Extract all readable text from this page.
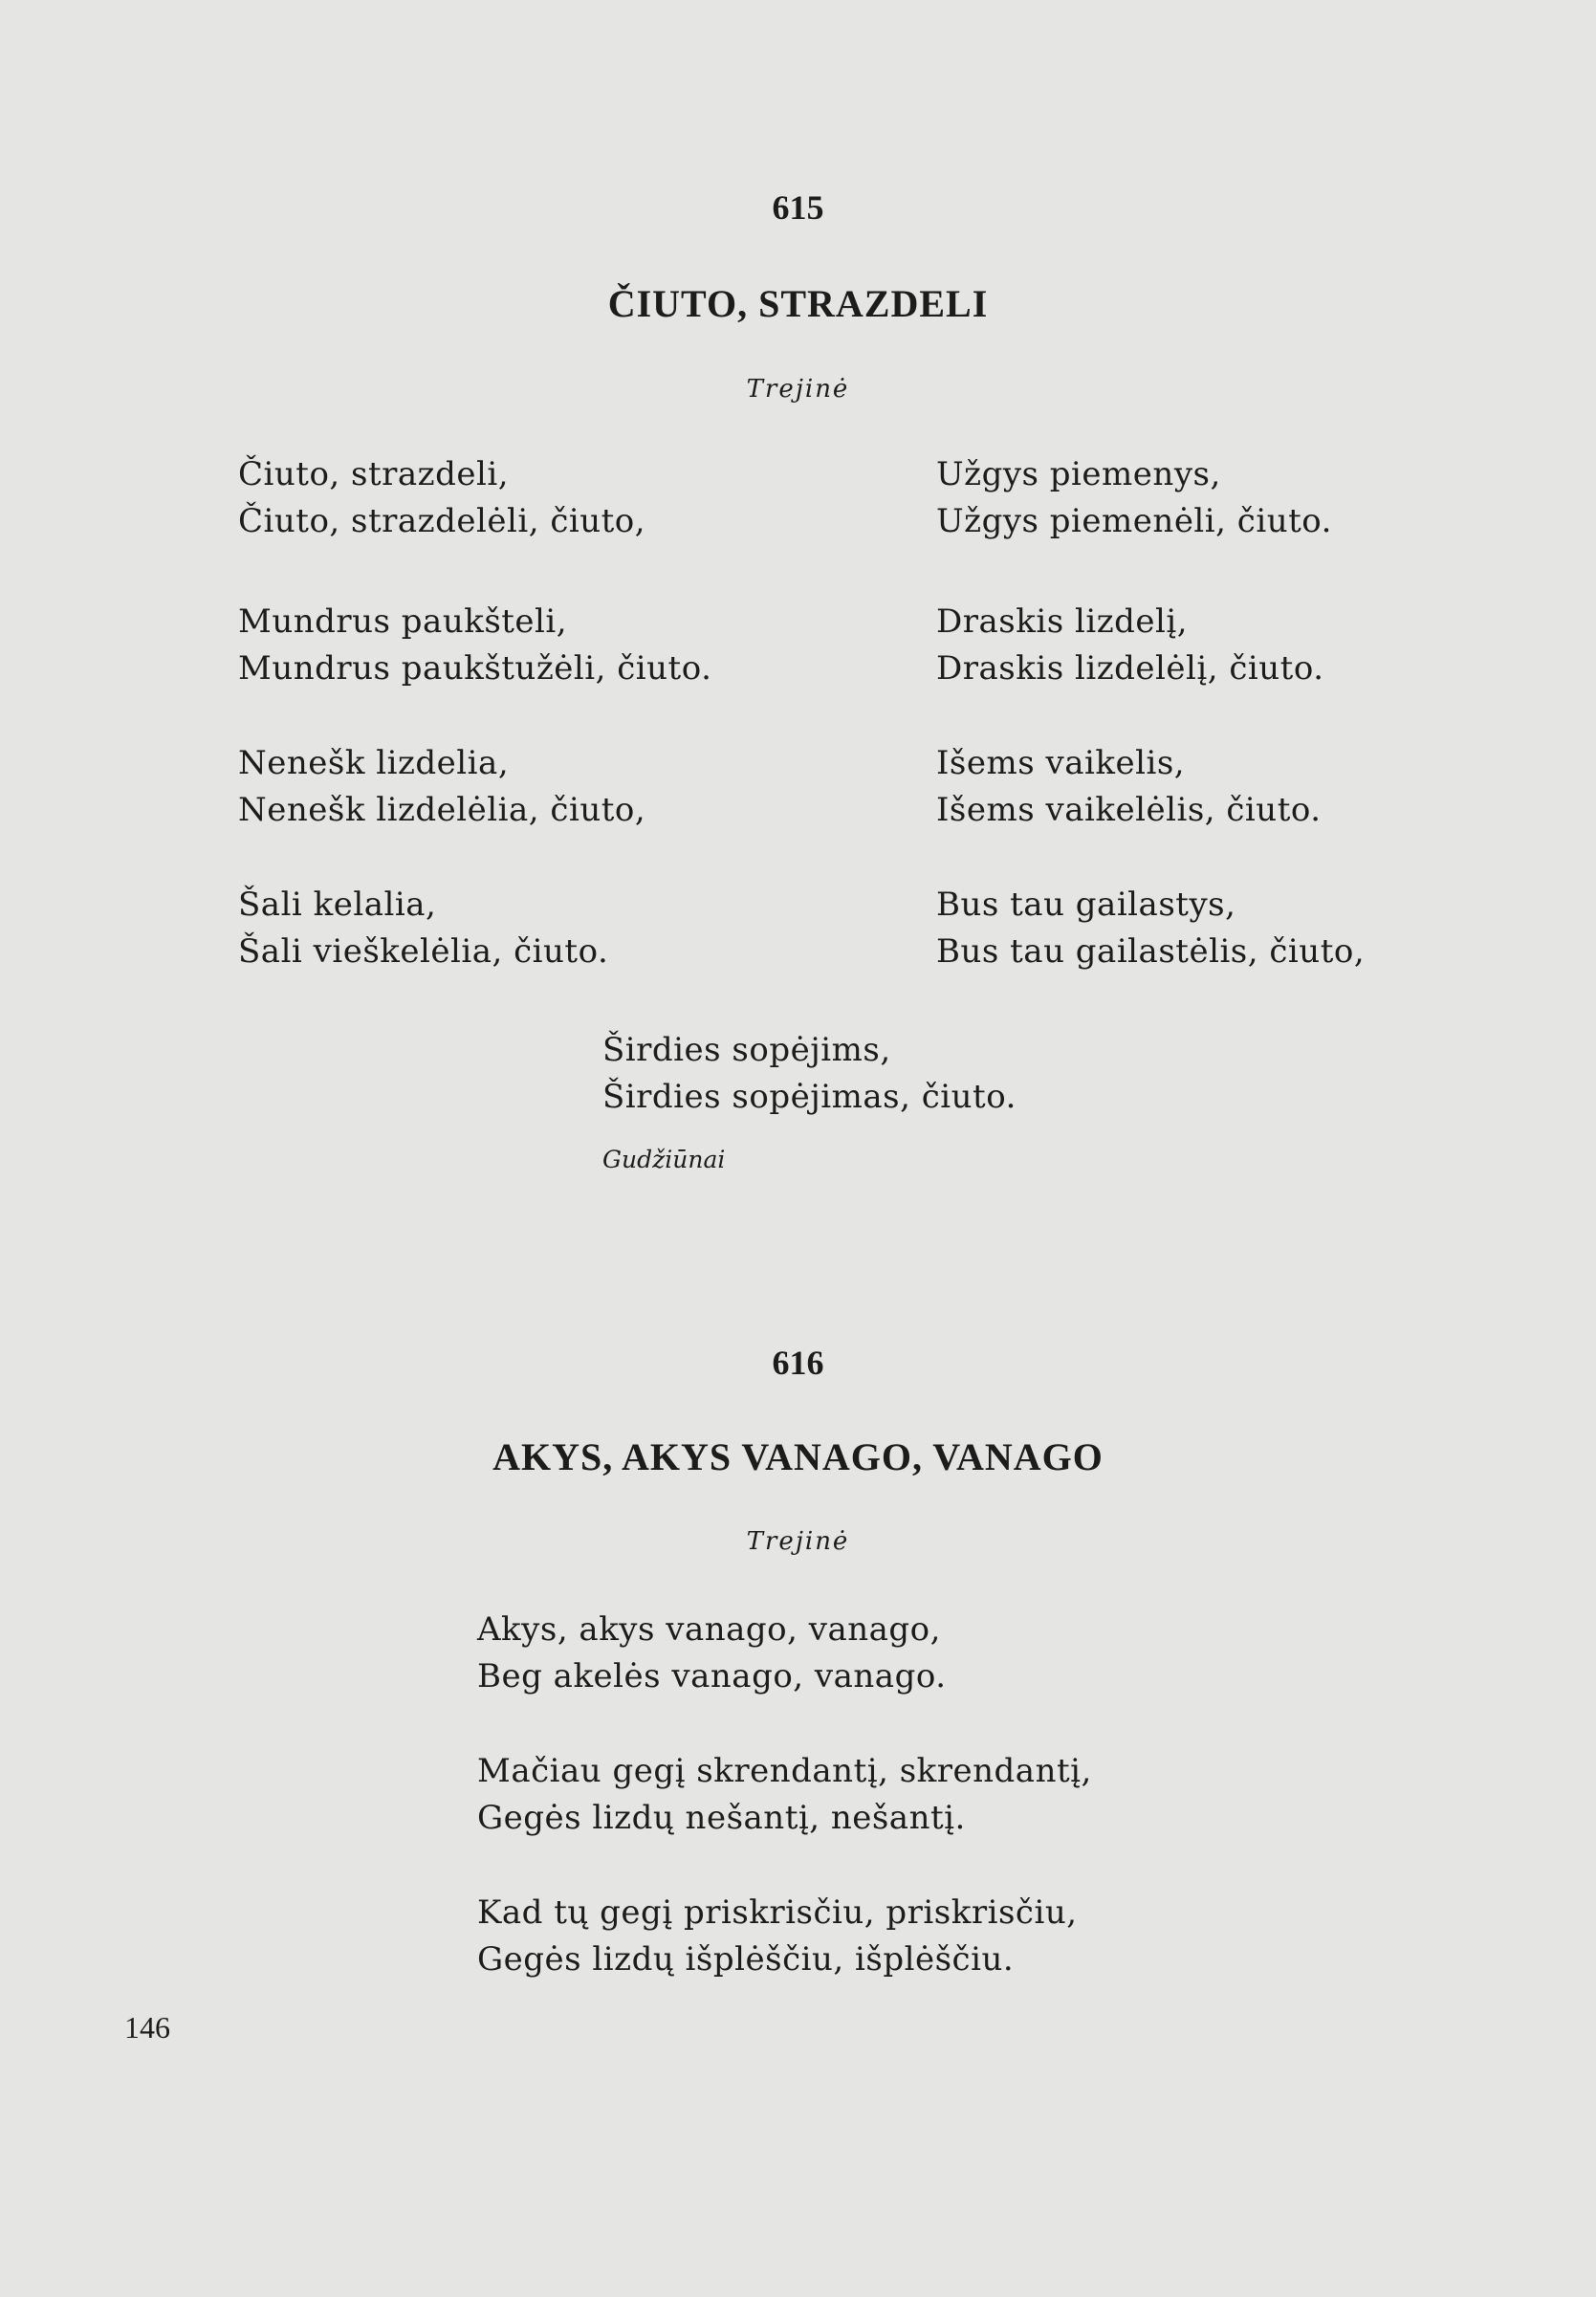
615
ČIUTO, STRAZDELI
Trejinė
Čiuto, strazdeli,
Čiuto, strazdelėli, čiuto,
Mundrus paukšteli,
Mundrus paukštužėli, čiuto.
Nenešk lizdelia,
Nenešk lizdelėlia, čiuto,
Šali kelalia,
Šali vieškelėlia, čiuto.
Užgys piemenys,
Užgys piemenėli, čiuto.
Draskis lizdelį,
Draskis lizdelėlį, čiuto.
Išems vaikelis,
Išems vaikelėlis, čiuto.
Bus tau gailastys,
Bus tau gailastėlis, čiuto,
Širdies sopėjims,
Širdies sopėjimas, čiuto.
Gudžiūnai
616
AKYS, AKYS VANAGO, VANAGO
Trejinė
Akys, akys vanago, vanago,
Beg akelės vanago, vanago.
Mačiau gegį skrendantį, skrendantį,
Gegės lizdų nešantį, nešantį.
Kad tų gegį priskrisčiu, priskrisčiu,
Gegės lizdų išplėščiu, išplėščiu.
146
